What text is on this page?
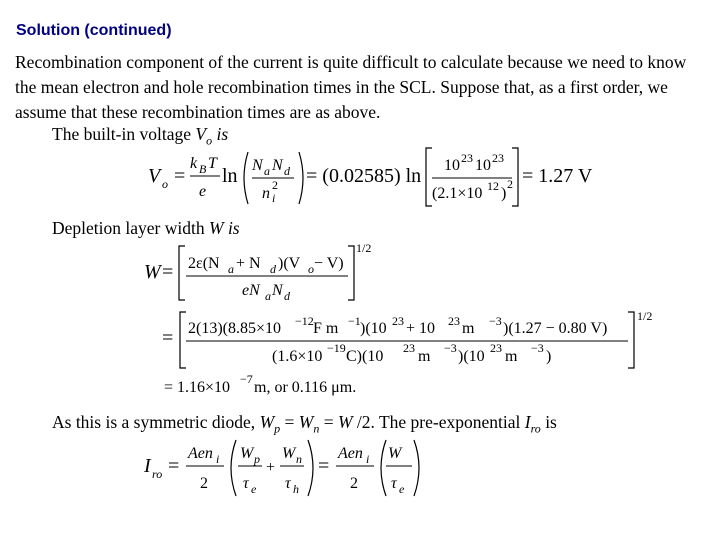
Solution (continued)
Recombination component of the current is quite difficult to calculate because we need to know the mean electron and hole recombination times in the SCL. Suppose that, as a first order, we assume that these recombination times are as above.
The built-in voltage $V_o$ is
V o =
k B T
e
ln N a N d
n 2
i
= (0.02585) ln 10 23 10 23
(2.1×10 12 )
2 = 1.27 V
Depletion layer width W is
W = 2ε(N a + N d )(V o − V)
eN a N d
1/2
= 2(13)(8.85×10 −12 F m −1 )(10 23 + 10 23 m −3 )(1.27 − 0.80 V)
(1.6×10 −19 C)(10 23 m −3 )(10 23 m −3 )
1/2
= 1.16×10 −7 m, or 0.116 μm.
As this is a symmetric diode, $W_p = W_n = W$ /2. The pre-exponential $I_{ro}$ is
I ro =
Aen i
2
W p
τ e
+
W n
τ h
=
Aen i
2
W
τ e
